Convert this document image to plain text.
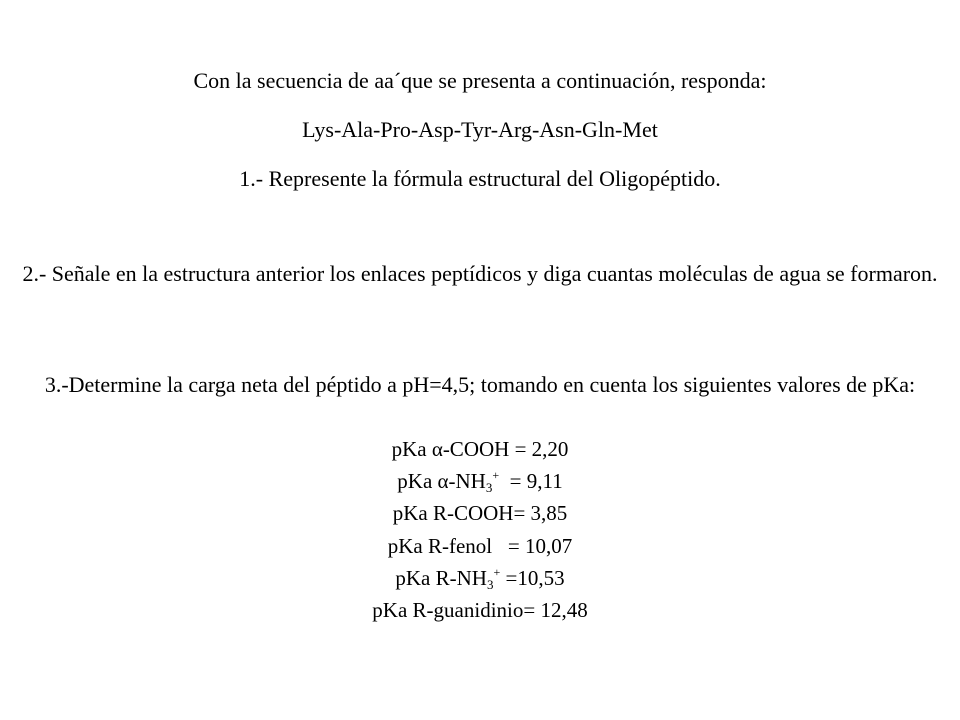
Con la secuencia de aa´que se presenta a continuación, responda:
Lys-Ala-Pro-Asp-Tyr-Arg-Asn-Gln-Met
1.- Represente la fórmula estructural del Oligopéptido.
2.- Señale en la estructura anterior los enlaces peptídicos y diga cuantas moléculas de agua se formaron.
3.-Determine la carga neta del péptido a pH=4,5; tomando en cuenta los siguientes valores de pKa:
pKa α-COOH = 2,20
pKa $\alpha-NH_3^+ = 9,11$
pKa R-COOH= 3,85
pKa R-fenol   = 10,07
pKa $R-NH_3^+ =10,53$
pKa R-guanidinio= 12,48
